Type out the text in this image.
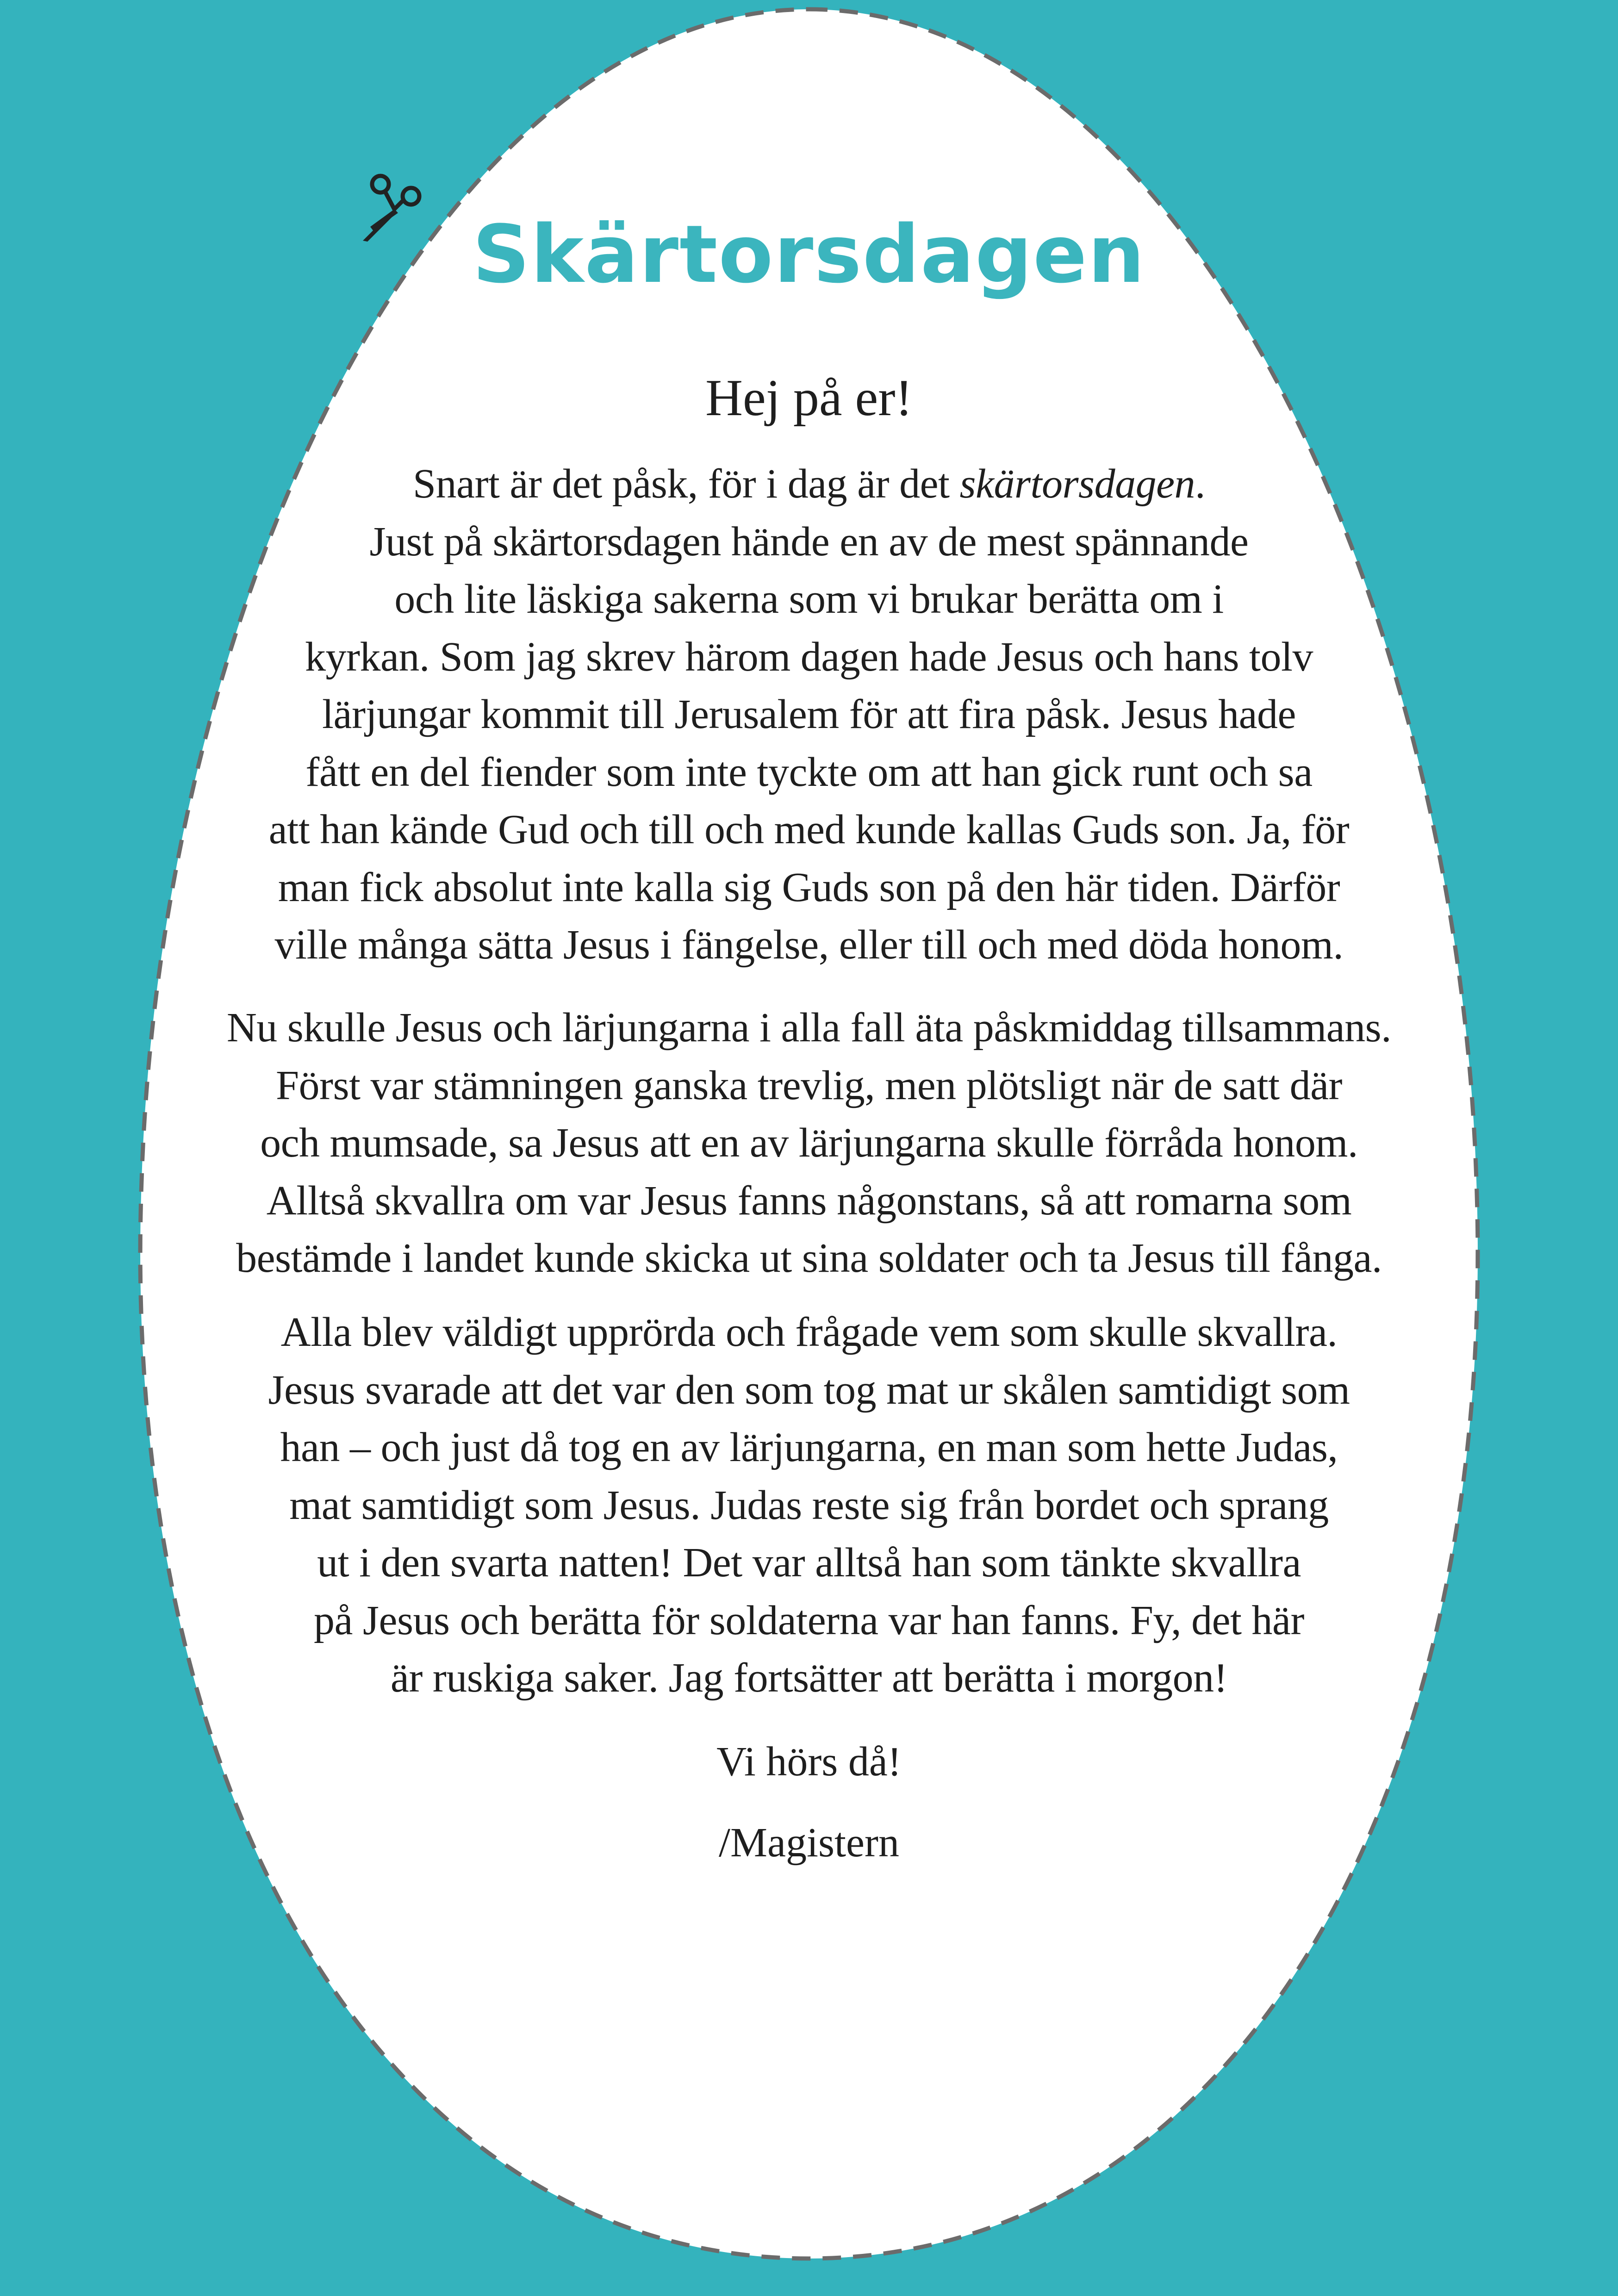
Skärtorsdagen

Hej på er!

Snart är det påsk, för i dag är det skärtorsdagen.
Just på skärtorsdagen hände en av de mest spännande
och lite läskiga sakerna som vi brukar berätta om i
kyrkan. Som jag skrev härom dagen hade Jesus och hans tolv
lärjungar kommit till Jerusalem för att fira påsk. Jesus hade
fått en del fiender som inte tyckte om att han gick runt och sa
att han kände Gud och till och med kunde kallas Guds son. Ja, för
man fick absolut inte kalla sig Guds son på den här tiden. Därför
ville många sätta Jesus i fängelse, eller till och med döda honom.

Nu skulle Jesus och lärjungarna i alla fall äta påskmiddag tillsammans.
Först var stämningen ganska trevlig, men plötsligt när de satt där
och mumsade, sa Jesus att en av lärjungarna skulle förråda honom.
Alltså skvallra om var Jesus fanns någonstans, så att romarna som
bestämde i landet kunde skicka ut sina soldater och ta Jesus till fånga.

Alla blev väldigt upprörda och frågade vem som skulle skvallra.
Jesus svarade att det var den som tog mat ur skålen samtidigt som
han – och just då tog en av lärjungarna, en man som hette Judas,
mat samtidigt som Jesus. Judas reste sig från bordet och sprang
ut i den svarta natten! Det var alltså han som tänkte skvallra
på Jesus och berätta för soldaterna var han fanns. Fy, det här
är ruskiga saker. Jag fortsätter att berätta i morgon!

Vi hörs då!

/Magistern
